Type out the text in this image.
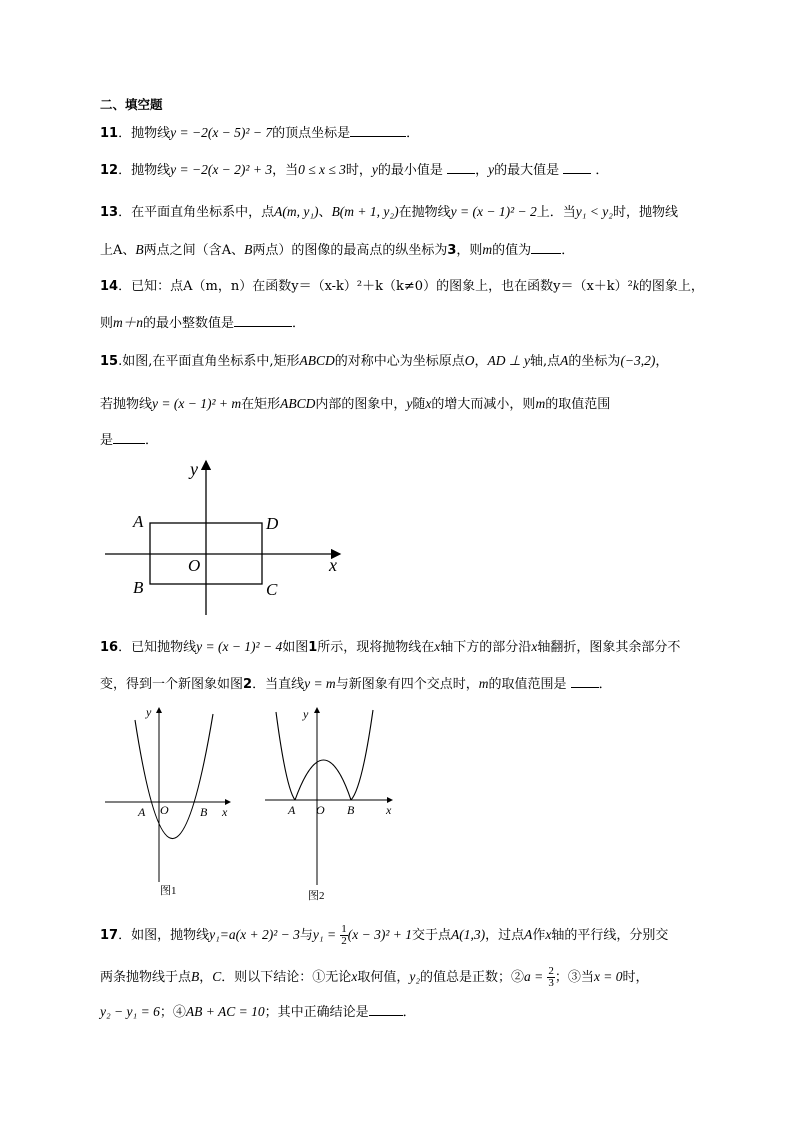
二、填空题
11．抛物线y = −2(x − 5)² − 7的顶点坐标是	．
12．抛物线y = −2(x − 2)² + 3，当0 ≤ x ≤ 3时，y的最小值是 ，y的最大值是	．
13．在平面直角坐标系中，点A(m, y₁)、B(m + 1, y₂)在抛物线y = (x − 1)² − 2上．当y₁ < y₂时，抛物线
上A、B两点之间（含A、B两点）的图像的最高点的纵坐标为3，则m的值为 ．
14．已知：点A（m，n）在函数y＝（x-k）²＋k（k≠0）的图象上，也在函数y＝（x＋k）²k的图象上，
则m＋n的最小整数值是	．
15.如图,在平面直角坐标系中,矩形ABCD的对称中心为坐标原点O，AD ⊥ y轴,点A的坐标为(−3,2)，
若抛物线y = (x − 1)² + m在矩形ABCD内部的图象中，y随x的增大而减小，则m的取值范围
是 ．
y
x
O
A	D
B	C
16．已知抛物线y = (x − 1)² − 4如图1所示，现将抛物线在x轴下方的部分沿x轴翻折，图象其余部分不
变，得到一个新图象如图2．当直线y = m与新图象有四个交点时，m的取值范围是 ．
y
x
A O	B
图1
y
x
A O B
图2
17．如图，抛物线y₁=a(x + 2)² − 3与$y_1 = \frac{1}{2} (x - 3)^2 + 1$交于点A(1,3)，过点A作x轴的平行线，分别交
两条抛物线于点B，C．则以下结论：①无论x取何值，y₂的值总是正数；②a = $\frac{2}{3}$ ；③当x = 0时，
y₂ − y₁ = 6；④AB + AC = 10；其中正确结论是	．
